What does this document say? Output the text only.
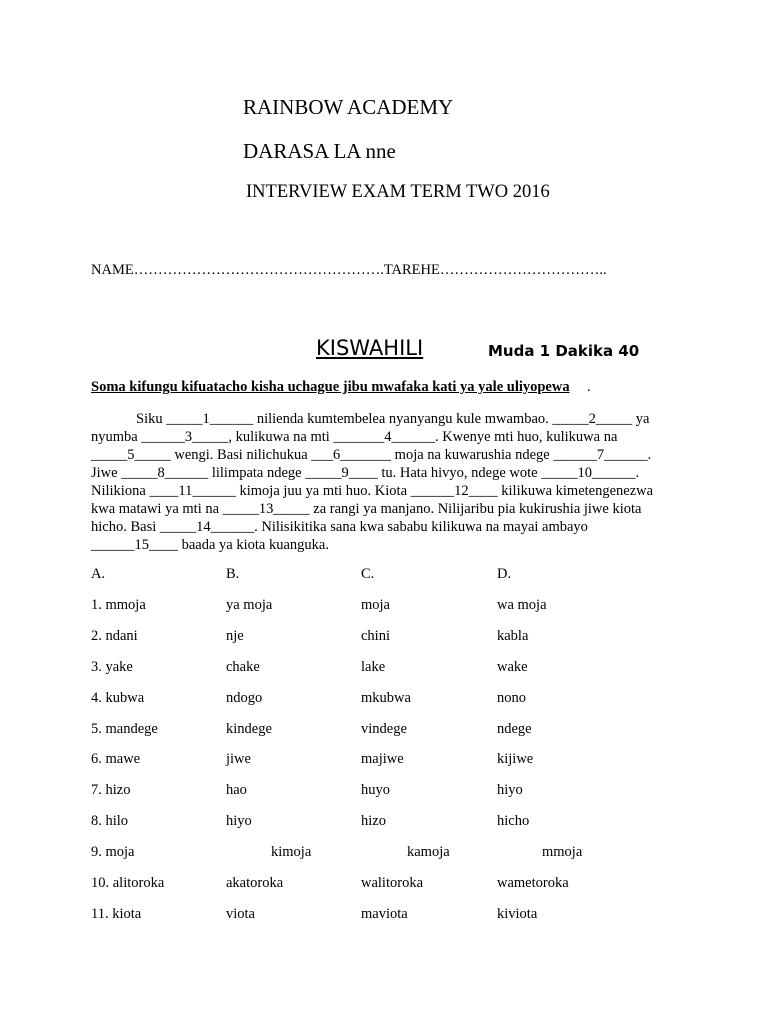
RAINBOW ACADEMY
DARASA LA nne
INTERVIEW EXAM TERM TWO 2016
NAME…………………………………………….TAREHE……………………………..
KISWAHILI	Muda 1 Dakika 40
Soma kifungu kifuatacho kisha uchague jibu mwafaka kati ya yale uliyopewa .
Siku _____1______ nilienda kumtembelea nyanyangu kule mwambao. _____2_____ ya
nyumba ______3_____, kulikuwa na mti _______4______. Kwenye mti huo, kulikuwa na
_____5_____ wengi. Basi nilichukua ___6_______ moja na kuwarushia ndege ______7______.
Jiwe _____8______ lilimpata ndege _____9____ tu. Hata hivyo, ndege wote _____10______.
Nilikiona ____11______ kimoja juu ya mti huo. Kiota ______12____ kilikuwa kimetengenezwa
kwa matawi ya mti na _____13_____ za rangi ya manjano. Nilijaribu pia kukirushia jiwe kiota
hicho. Basi _____14______. Nilisikitika sana kwa sababu kilikuwa na mayai ambayo
______15____ baada ya kiota kuanguka.
A.	B.	C.	D.
1. mmoja	ya moja	moja	wa moja
2. ndani	nje	chini	kabla
3. yake	chake	lake	wake
4. kubwa	ndogo	mkubwa	nono
5. mandege	kindege	vindege	ndege
6. mawe	jiwe	majiwe	kijiwe
7. hizo	hao	huyo	hiyo
8. hilo	hiyo	hizo	hicho
9. moja	kimoja	kamoja	mmoja
10. alitoroka	akatoroka	walitoroka	wametoroka
11. kiota	viota	maviota	kiviota
